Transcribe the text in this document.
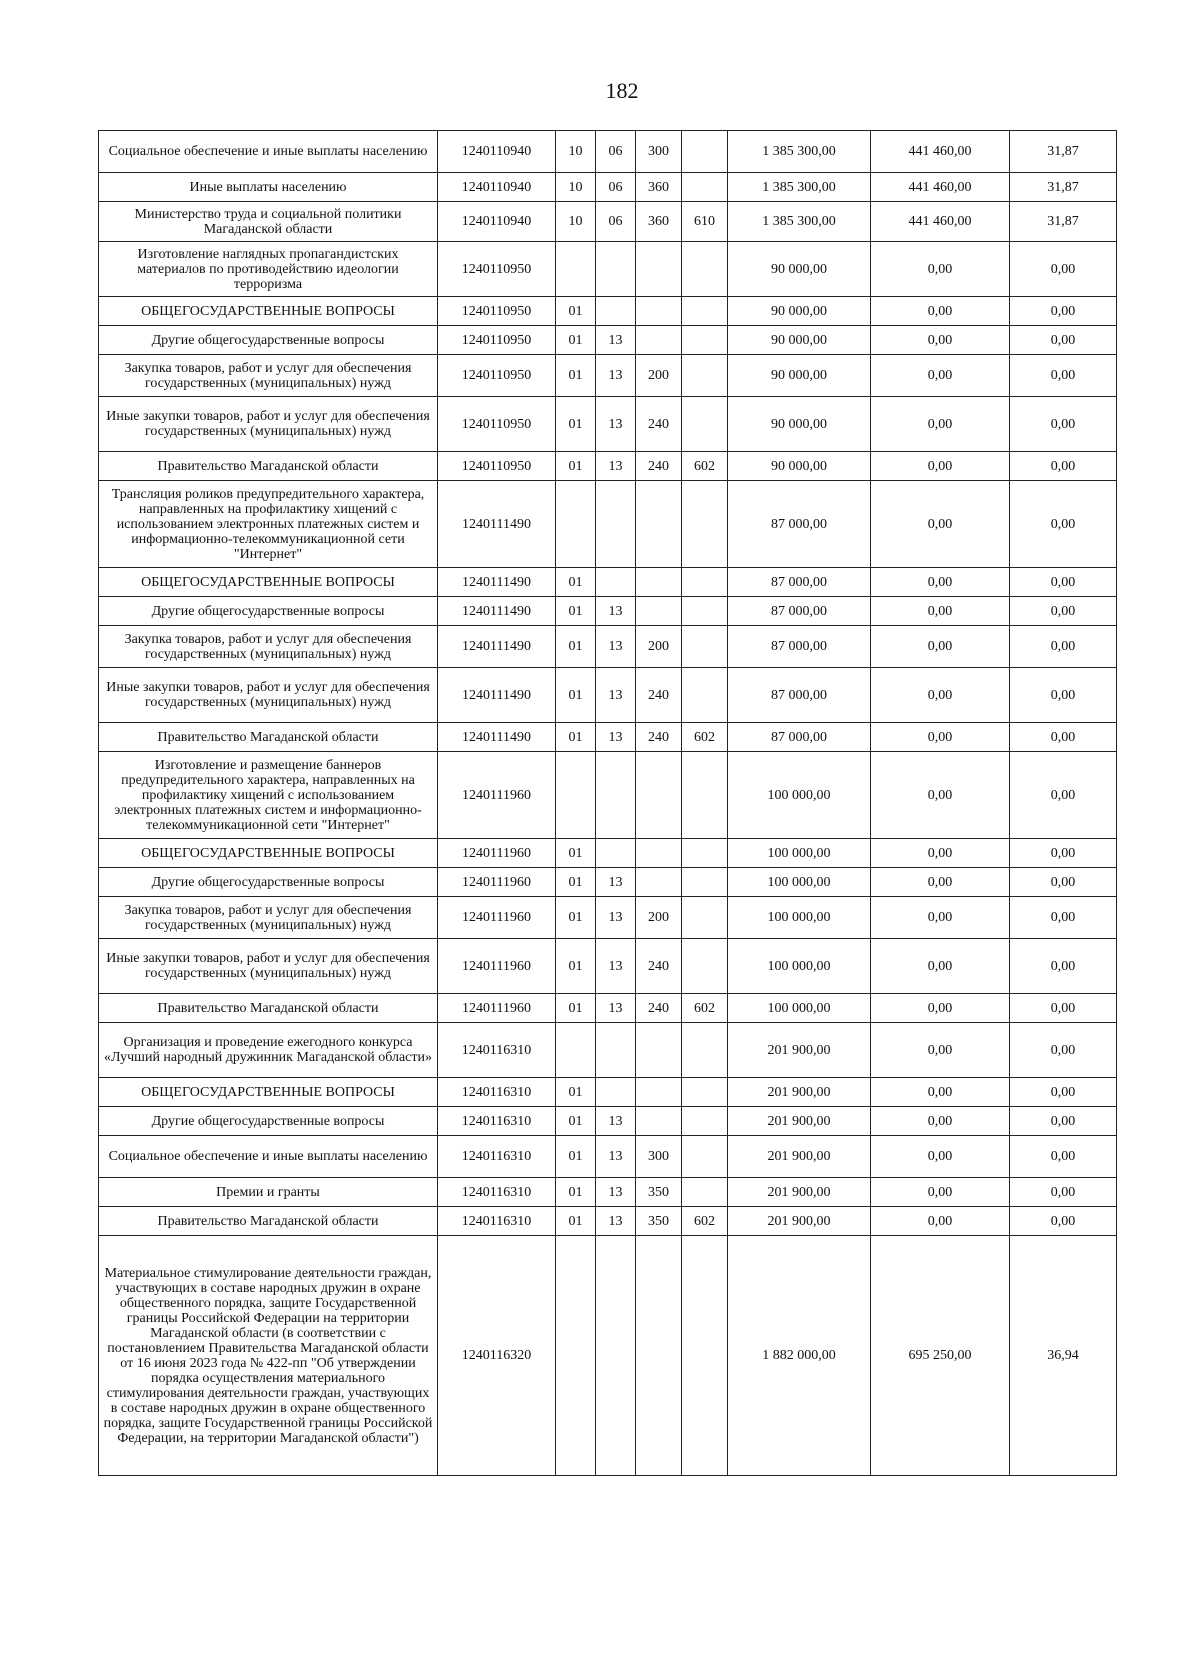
182
Социальное обеспечение и иные выплаты населению	1240110940	10	06	300		1 385 300,00	441 460,00	31,87
Иные выплаты населению	1240110940	10	06	360		1 385 300,00	441 460,00	31,87
Министерство труда и социальной политики Магаданской области	1240110940	10	06	360	610	1 385 300,00	441 460,00	31,87
Изготовление наглядных пропагандистских материалов по противодействию идеологии терроризма	1240110950					90 000,00	0,00	0,00
ОБЩЕГОСУДАРСТВЕННЫЕ ВОПРОСЫ	1240110950	01				90 000,00	0,00	0,00
Другие общегосударственные вопросы	1240110950	01	13			90 000,00	0,00	0,00
Закупка товаров, работ и услуг для обеспечения государственных (муниципальных) нужд	1240110950	01	13	200		90 000,00	0,00	0,00
Иные закупки товаров, работ и услуг для обеспечения государственных (муниципальных) нужд	1240110950	01	13	240		90 000,00	0,00	0,00
Правительство Магаданской области	1240110950	01	13	240	602	90 000,00	0,00	0,00
Трансляция роликов предупредительного характера, направленных на профилактику хищений с использованием электронных платежных систем и информационно-телекоммуникационной сети "Интернет"	1240111490					87 000,00	0,00	0,00
ОБЩЕГОСУДАРСТВЕННЫЕ ВОПРОСЫ	1240111490	01				87 000,00	0,00	0,00
Другие общегосударственные вопросы	1240111490	01	13			87 000,00	0,00	0,00
Закупка товаров, работ и услуг для обеспечения государственных (муниципальных) нужд	1240111490	01	13	200		87 000,00	0,00	0,00
Иные закупки товаров, работ и услуг для обеспечения государственных (муниципальных) нужд	1240111490	01	13	240		87 000,00	0,00	0,00
Правительство Магаданской области	1240111490	01	13	240	602	87 000,00	0,00	0,00
Изготовление и размещение баннеров предупредительного характера, направленных на профилактику хищений с использованием электронных платежных систем и информационно-телекоммуникационной сети "Интернет"	1240111960					100 000,00	0,00	0,00
ОБЩЕГОСУДАРСТВЕННЫЕ ВОПРОСЫ	1240111960	01				100 000,00	0,00	0,00
Другие общегосударственные вопросы	1240111960	01	13			100 000,00	0,00	0,00
Закупка товаров, работ и услуг для обеспечения государственных (муниципальных) нужд	1240111960	01	13	200		100 000,00	0,00	0,00
Иные закупки товаров, работ и услуг для обеспечения государственных (муниципальных) нужд	1240111960	01	13	240		100 000,00	0,00	0,00
Правительство Магаданской области	1240111960	01	13	240	602	100 000,00	0,00	0,00
Организация и проведение ежегодного конкурса «Лучший народный дружинник Магаданской области»	1240116310					201 900,00	0,00	0,00
ОБЩЕГОСУДАРСТВЕННЫЕ ВОПРОСЫ	1240116310	01				201 900,00	0,00	0,00
Другие общегосударственные вопросы	1240116310	01	13			201 900,00	0,00	0,00
Социальное обеспечение и иные выплаты населению	1240116310	01	13	300		201 900,00	0,00	0,00
Премии и гранты	1240116310	01	13	350		201 900,00	0,00	0,00
Правительство Магаданской области	1240116310	01	13	350	602	201 900,00	0,00	0,00
Материальное стимулирование деятельности граждан, участвующих в составе народных дружин в охране общественного порядка, защите Государственной границы Российской Федерации на территории Магаданской области (в соответствии с постановлением Правительства Магаданской области от 16 июня 2023 года № 422-пп "Об утверждении порядка осуществления материального стимулирования деятельности граждан, участвующих в составе народных дружин в охране общественного порядка, защите Государственной границы Российской Федерации, на территории Магаданской области")	1240116320					1 882 000,00	695 250,00	36,94
